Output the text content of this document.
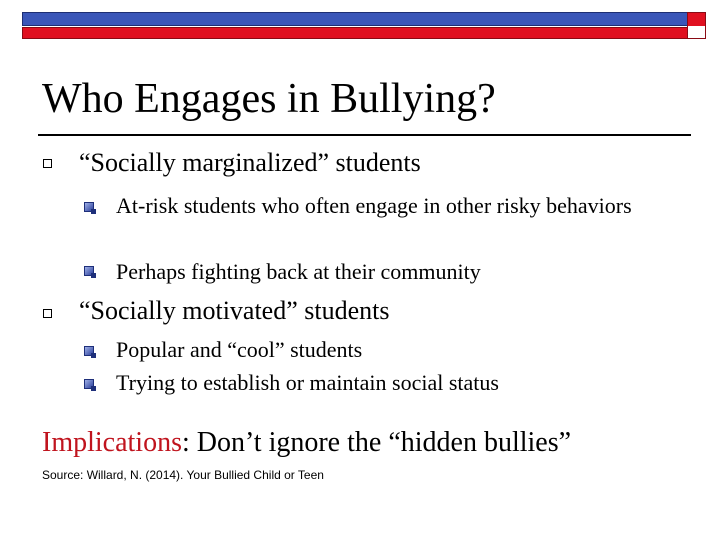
Who Engages in Bullying?
“Socially marginalized” students
At-risk students who often engage in other risky behaviors
Perhaps fighting back at their community
“Socially motivated” students
Popular and “cool” students
Trying to establish or maintain social status
Implications: Don’t ignore the “hidden bullies”
Source: Willard, N. (2014). Your Bullied Child or Teen
